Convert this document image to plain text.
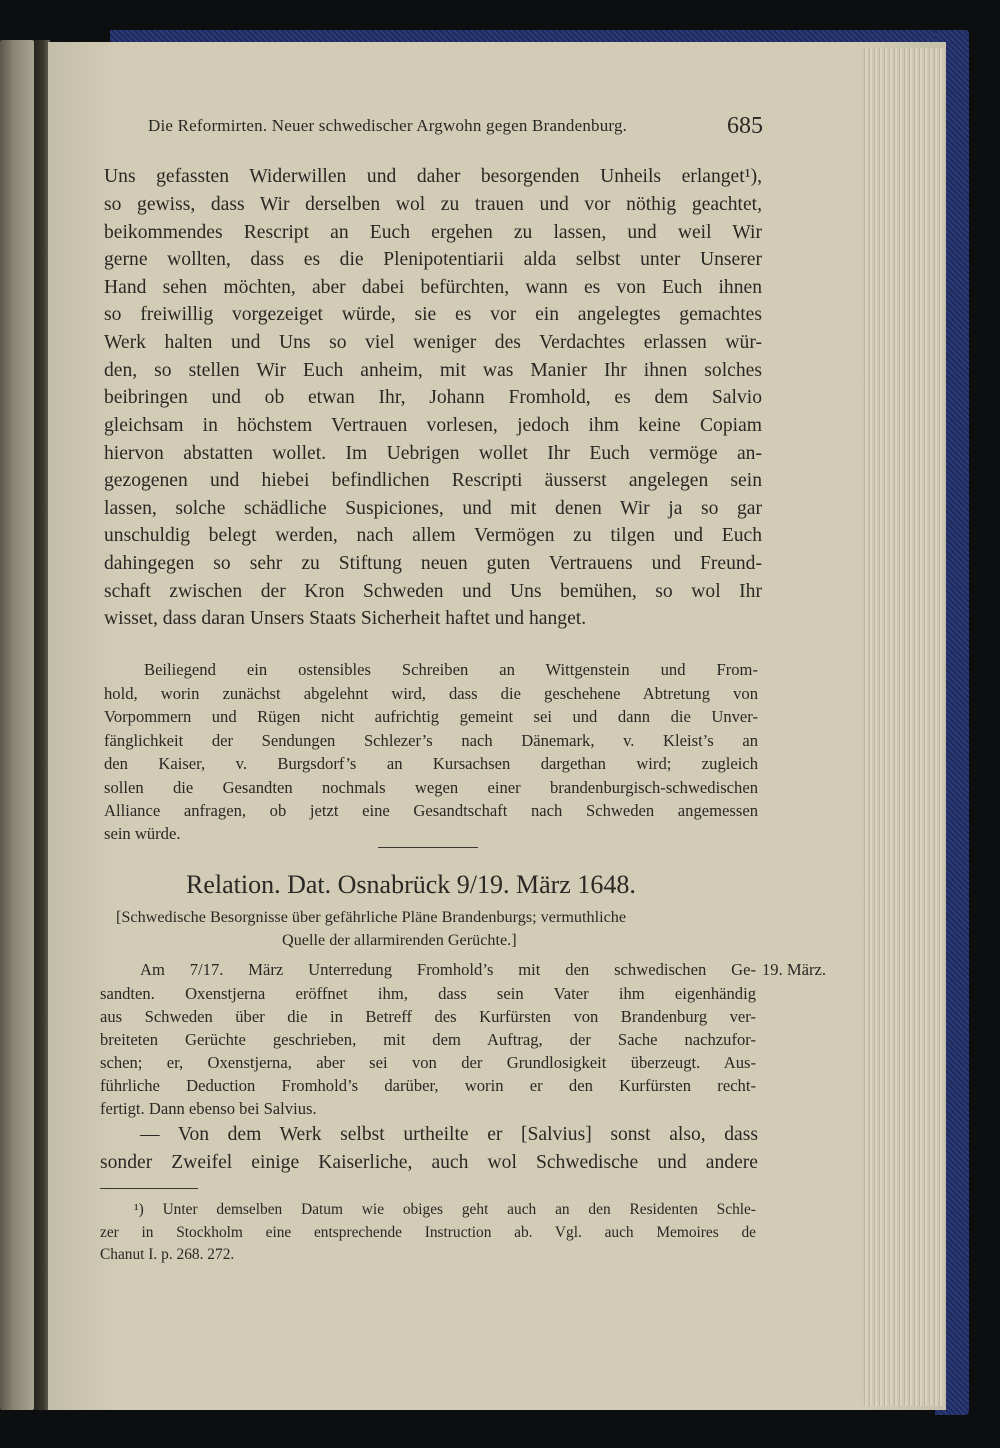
Die Reformirten. Neuer schwedischer Argwohn gegen Brandenburg.	685
Uns gefassten Widerwillen und daher besorgenden Unheils erlanget¹),
so gewiss, dass Wir derselben wol zu trauen und vor nöthig geachtet,
beikommendes Rescript an Euch ergehen zu lassen, und weil Wir
gerne wollten, dass es die Plenipotentiarii alda selbst unter Unserer
Hand sehen möchten, aber dabei befürchten, wann es von Euch ihnen
so freiwillig vorgezeiget würde, sie es vor ein angelegtes gemachtes
Werk halten und Uns so viel weniger des Verdachtes erlassen wür-
den, so stellen Wir Euch anheim, mit was Manier Ihr ihnen solches
beibringen und ob etwan Ihr, Johann Fromhold, es dem Salvio
gleichsam in höchstem Vertrauen vorlesen, jedoch ihm keine Copiam
hiervon abstatten wollet. Im Uebrigen wollet Ihr Euch vermöge an-
gezogenen und hiebei befindlichen Rescripti äusserst angelegen sein
lassen, solche schädliche Suspiciones, und mit denen Wir ja so gar
unschuldig belegt werden, nach allem Vermögen zu tilgen und Euch
dahingegen so sehr zu Stiftung neuen guten Vertrauens und Freund-
schaft zwischen der Kron Schweden und Uns bemühen, so wol Ihr
wisset, dass daran Unsers Staats Sicherheit haftet und hanget.
Beiliegend ein ostensibles Schreiben an Wittgenstein und From-
hold, worin zunächst abgelehnt wird, dass die geschehene Abtretung von
Vorpommern und Rügen nicht aufrichtig gemeint sei und dann die Unver-
fänglichkeit der Sendungen Schlezer’s nach Dänemark, v. Kleist’s an
den Kaiser, v. Burgsdorf’s an Kursachsen dargethan wird; zugleich
sollen die Gesandten nochmals wegen einer brandenburgisch-schwedischen
Alliance anfragen, ob jetzt eine Gesandtschaft nach Schweden angemessen
sein würde.
Relation. Dat. Osnabrück 9/19. März 1648.
[Schwedische Besorgnisse über gefährliche Pläne Brandenburgs; vermuthliche
Quelle der allarmirenden Gerüchte.]
Am 7/17. März Unterredung Fromhold’s mit den schwedischen Ge- 19. März.
sandten. Oxenstjerna eröffnet ihm, dass sein Vater ihm eigenhändig
aus Schweden über die in Betreff des Kurfürsten von Brandenburg ver-
breiteten Gerüchte geschrieben, mit dem Auftrag, der Sache nachzufor-
schen; er, Oxenstjerna, aber sei von der Grundlosigkeit überzeugt. Aus-
führliche Deduction Fromhold’s darüber, worin er den Kurfürsten recht-
fertigt. Dann ebenso bei Salvius.
— Von dem Werk selbst urtheilte er [Salvius] sonst also, dass
sonder Zweifel einige Kaiserliche, auch wol Schwedische und andere
¹) Unter demselben Datum wie obiges geht auch an den Residenten Schle-
zer in Stockholm eine entsprechende Instruction ab. Vgl. auch Memoires de
Chanut I. p. 268. 272.
